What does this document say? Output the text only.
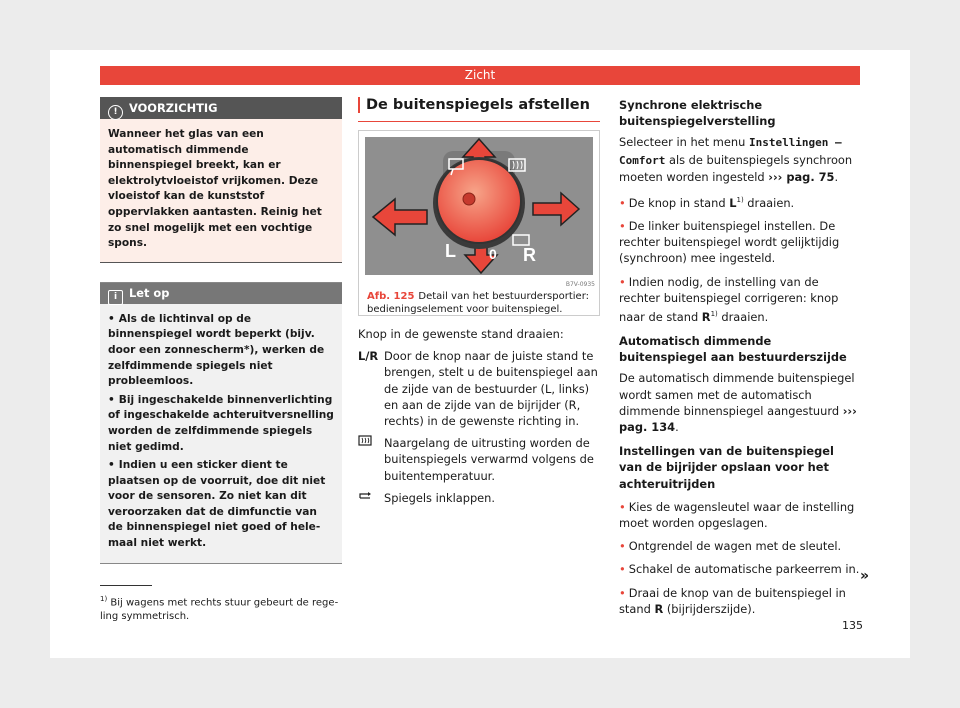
Zicht
! VOORZICHTIG
Wanneer het glas van een automatisch dimmende binnenspiegel breekt, kan er elektrolytvloeistof vrijkomen. Deze vloeistof kan de kunststof oppervlakken aantasten. Reinig het zo snel mogelijk met een vochtige spons.
i Let op
• Als de lichtinval op de binnenspiegel wordt beperkt (bijv. door een zonnescherm*), werken de zelfdimmende spiegels niet probleemloos.
• Bij ingeschakelde binnenverlichting of ingeschakelde achteruitversnelling worden de zelfdimmende spiegels niet gedimd.
• Indien u een sticker dient te plaatsen op de voorruit, doe dit niet voor de sensoren. Zo niet kan dit veroorzaken dat de dimfunctie van de binnenspiegel niet goed of helemaal niet werkt.
$^{1)}$ Bij wagens met rechts stuur gebeurt de regeling symmetrisch.
De buitenspiegels afstellen
L 0 R
B7V-0935
Afb. 125 Detail van het bestuurdersportier: bedieningselement voor buitenspiegel.
Knop in de gewenste stand draaien:
L/R Door de knop naar de juiste stand te brengen, stelt u de buitenspiegel aan de zijde van de bestuurder (L, links) en aan de zijde van de bijrijder (R, rechts) in de gewenste richting in.
Naargelang de uitrusting worden de buitenspiegels verwarmd volgens de buitentemperatuur.
Spiegels inklappen.
Synchrone elektrische buitenspiegelverstelling

Selecteer in het menu Instellingen – Comfort als de buitenspiegels synchroon moeten worden ingesteld ››› pag. 75.

• De knop in stand $L^{1)}$ draaien.
• De linker buitenspiegel instellen. De rechter buitenspiegel wordt gelijktijdig (synchroon) mee ingesteld.
• Indien nodig, de instelling van de rechter buitenspiegel corrigeren: knop naar de stand $R^{1)}$ draaien.
Automatisch dimmende buitenspiegel aan bestuurderszijde

De automatisch dimmende buitenspiegel wordt samen met de automatisch dimmende binnenspiegel aangestuurd ››› pag. 134.

Instellingen van de buitenspiegel van de bijrijder opslaan voor het achteruitrijden
• Kies de wagensleutel waar de instelling moet worden opgeslagen.
• Ontgrendel de wagen met de sleutel.
• Schakel de automatische parkeerrem in.
• Draai de knop van de buitenspiegel in stand R (bijrijderszijde).
»
135
